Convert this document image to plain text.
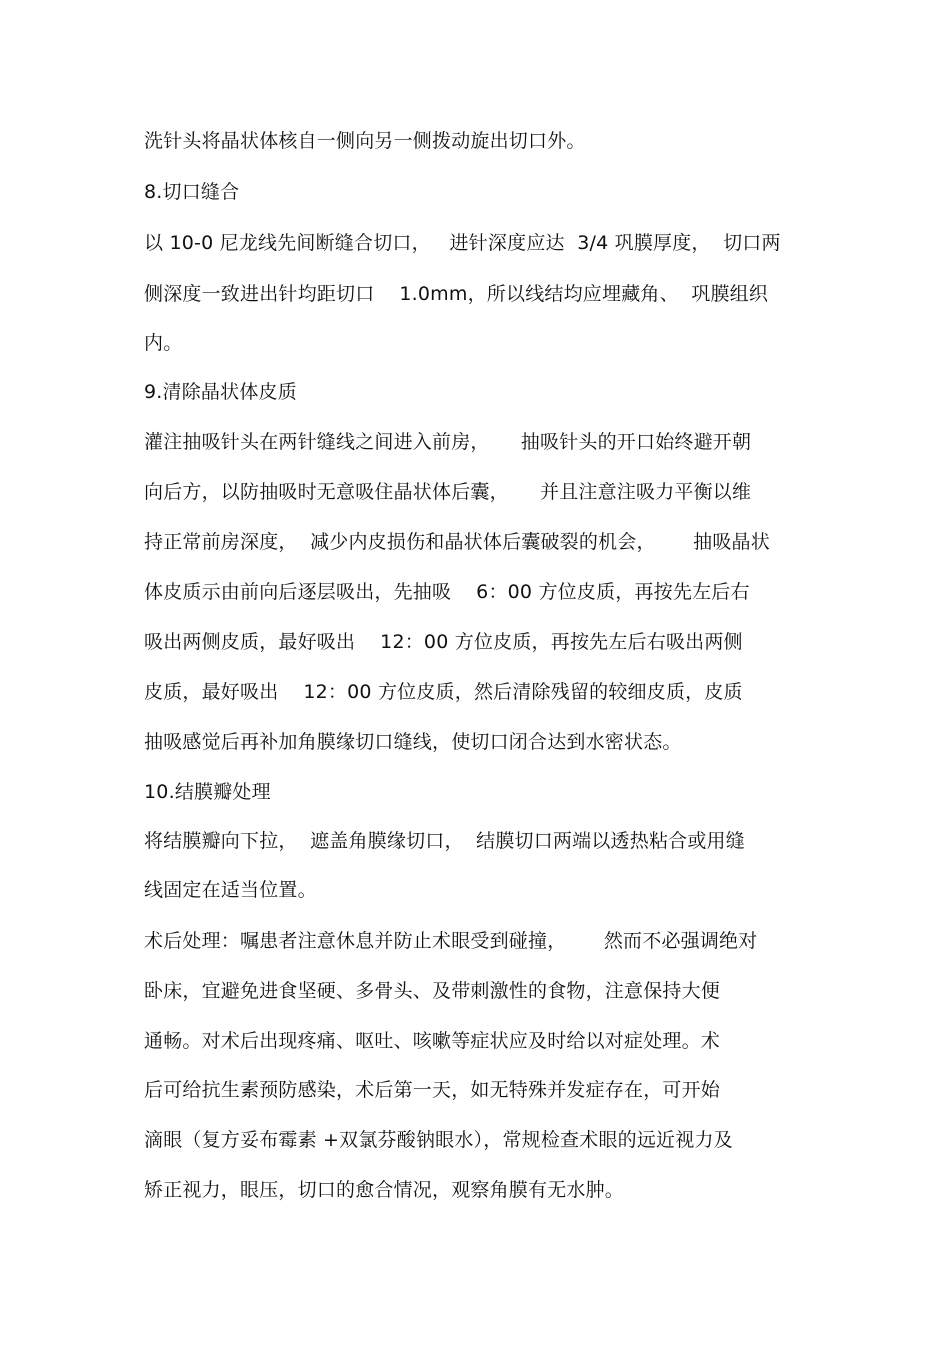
洗针头将晶状体核自一侧向另一侧拨动旋出切口外。
8.切口缝合
以 10-0 尼龙线先间断缝合切口，   进针深度应达  3/4 巩膜厚度，  切口两
侧深度一致进出针均距切口    1.0mm，所以线结均应埋藏角、  巩膜组织
内。
9.清除晶状体皮质
灌注抽吸针头在两针缝线之间进入前房，     抽吸针头的开口始终避开朝
向后方，以防抽吸时无意吸住晶状体后囊，     并且注意注吸力平衡以维
持正常前房深度，  减少内皮损伤和晶状体后囊破裂的机会，      抽吸晶状
体皮质示由前向后逐层吸出，先抽吸    6：00 方位皮质，再按先左后右
吸出两侧皮质，最好吸出    12：00 方位皮质，再按先左后右吸出两侧
皮质，最好吸出    12：00 方位皮质，然后清除残留的较细皮质，皮质
抽吸感觉后再补加角膜缘切口缝线，使切口闭合达到水密状态。
10.结膜瓣处理
将结膜瓣向下拉，  遮盖角膜缘切口，  结膜切口两端以透热粘合或用缝
线固定在适当位置。
术后处理：嘱患者注意休息并防止术眼受到碰撞，      然而不必强调绝对
卧床，宜避免进食坚硬、多骨头、及带刺激性的食物，注意保持大便
通畅。对术后出现疼痛、呕吐、咳嗽等症状应及时给以对症处理。术
后可给抗生素预防感染，术后第一天，如无特殊并发症存在，可开始
滴眼（复方妥布霉素 +双氯芬酸钠眼水），常规检查术眼的远近视力及
矫正视力，眼压，切口的愈合情况，观察角膜有无水肿。
